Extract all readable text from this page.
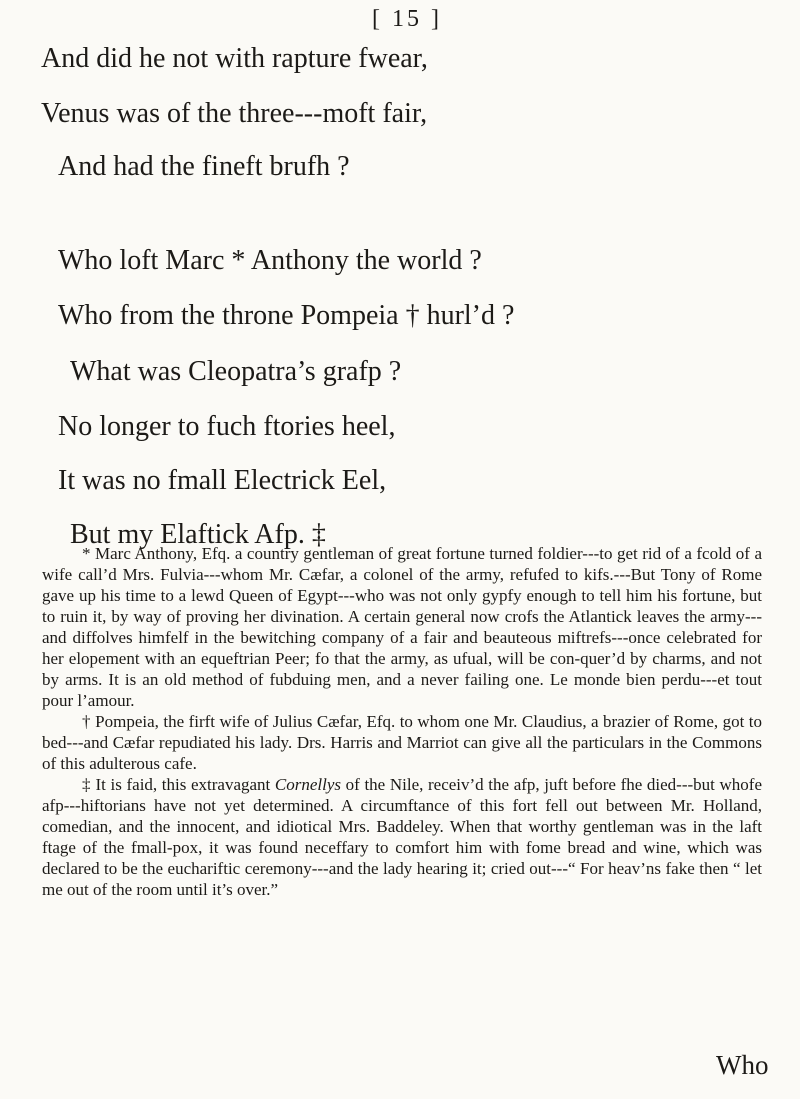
[ 15 ]
And did he not with rapture fwear,
Venus was of the three---moft fair,
And had the fineft brufh ?
Who loft Marc * Anthony the world ?
Who from the throne Pompeia † hurl’d ?
What was Cleopatra’s grafp ?
No longer to fuch ftories heel,
It was no fmall Electrick Eel,
But my Elaftick Afp. ‡

* Marc Anthony, Efq. a country gentleman of great fortune turned foldier---to get rid of a fcold of a wife call’d Mrs. Fulvia---whom Mr. Cæfar, a colonel of the army, refufed to kifs.---But Tony of Rome gave up his time to a lewd Queen of Egypt---who was not only gypfy enough to tell him his fortune, but to ruin it, by way of proving her divination. A certain general now crofs the Atlantick leaves the army---and diffolves himfelf in the bewitching company of a fair and beauteous miftrefs---once celebrated for her elopement with an equeftrian Peer; fo that the army, as ufual, will be con-quer’d by charms, and not by arms. It is an old method of fubduing men, and a never failing one. Le monde bien perdu---et tout pour l’amour.

† Pompeia, the firft wife of Julius Cæfar, Efq. to whom one Mr. Claudius, a brazier of Rome, got to bed---and Cæfar repudiated his lady. Drs. Harris and Marriot can give all the particulars in the Commons of this adulterous cafe.

‡ It is faid, this extravagant Cornellys of the Nile, receiv’d the afp, juft before fhe died---but whofe afp---hiftorians have not yet determined. A circumftance of this fort fell out between Mr. Holland, comedian, and the innocent, and idiotical Mrs. Baddeley. When that worthy gentleman was in the laft ftage of the fmall-pox, it was found neceffary to comfort him with fome bread and wine, which was declared to be the euchariftic ceremony---and the lady hearing it; cried out---“ For heav’ns fake then “ let me out of the room until it’s over.”

Who
